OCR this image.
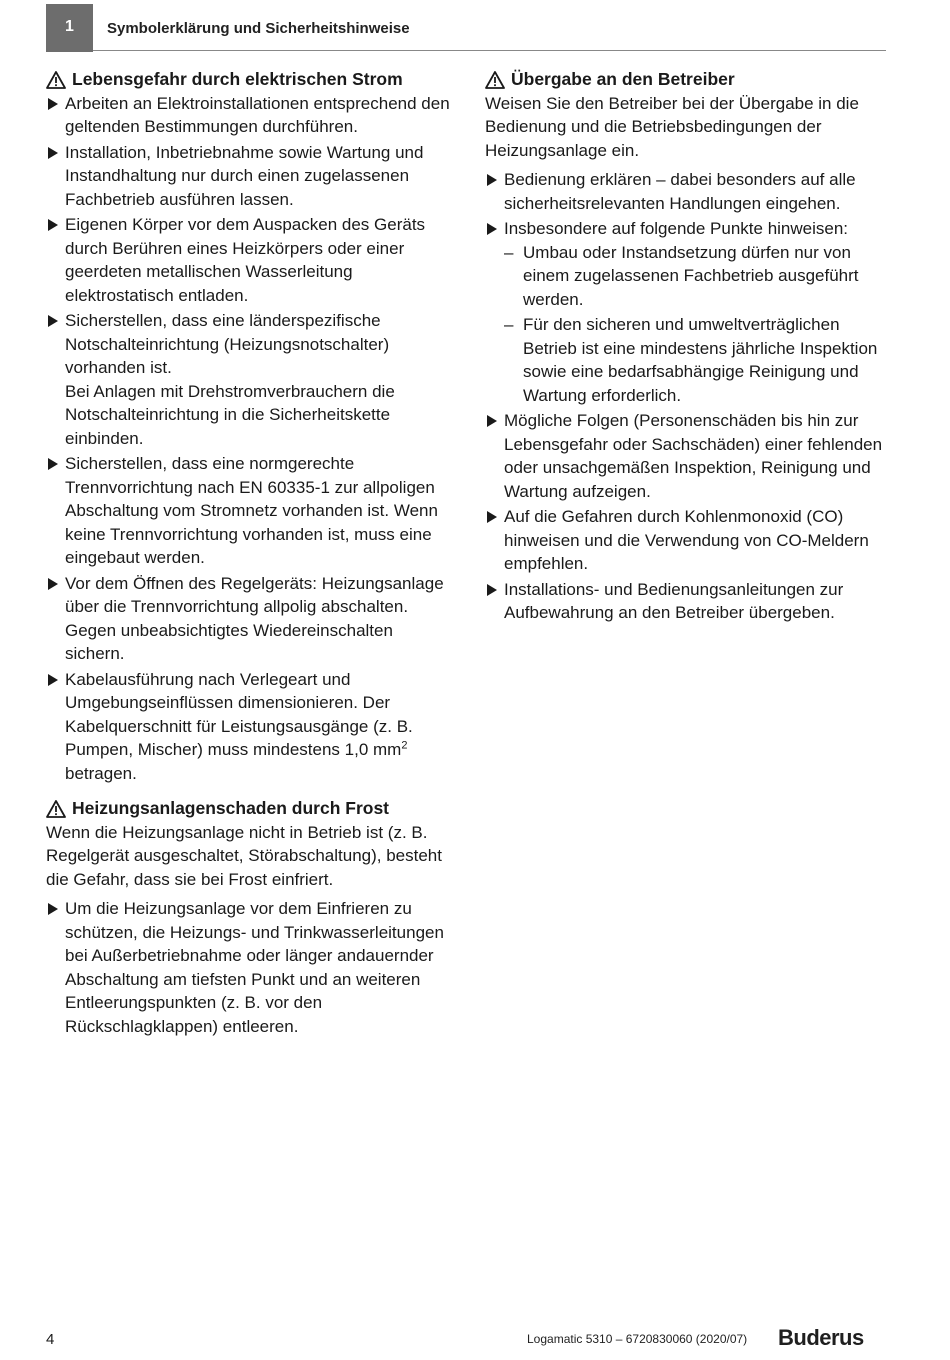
1 Symbolerklärung und Sicherheitshinweise
Lebensgefahr durch elektrischen Strom
Arbeiten an Elektroinstallationen entsprechend den geltenden Bestimmungen durchführen.
Installation, Inbetriebnahme sowie Wartung und Instandhaltung nur durch einen zugelassenen Fachbetrieb ausführen lassen.
Eigenen Körper vor dem Auspacken des Geräts durch Berühren eines Heizkörpers oder einer geerdeten metallischen Wasserleitung elektrostatisch entladen.
Sicherstellen, dass eine länderspezifische Notschalteinrichtung (Heizungsnotschalter) vorhanden ist.
Bei Anlagen mit Drehstromverbrauchern die Notschalteinrichtung in die Sicherheitskette einbinden.
Sicherstellen, dass eine normgerechte Trennvorrichtung nach EN 60335-1 zur allpoligen Abschaltung vom Stromnetz vorhanden ist. Wenn keine Trennvorrichtung vorhanden ist, muss eine eingebaut werden.
Vor dem Öffnen des Regelgeräts: Heizungsanlage über die Trennvorrichtung allpolig abschalten. Gegen unbeabsichtigtes Wiedereinschalten sichern.
Kabelausführung nach Verlegeart und Umgebungseinflüssen dimensionieren. Der Kabelquerschnitt für Leistungsausgänge (z. B. Pumpen, Mischer) muss mindestens 1,0 $mm^2$ betragen.
Heizungsanlagenschaden durch Frost

Wenn die Heizungsanlage nicht in Betrieb ist (z. B. Regelgerät ausgeschaltet, Störabschaltung), besteht die Gefahr, dass sie bei Frost einfriert.

Um die Heizungsanlage vor dem Einfrieren zu schützen, die Heizungs- und Trinkwasserleitungen bei Außerbetriebnahme oder länger andauernder Abschaltung am tiefsten Punkt und an weiteren Entleerungspunkten (z. B. vor den Rückschlagklappen) entleeren.
Übergabe an den Betreiber

Weisen Sie den Betreiber bei der Übergabe in die Bedienung und die Betriebsbedingungen der Heizungsanlage ein.

Bedienung erklären – dabei besonders auf alle sicherheitsrelevanten Handlungen eingehen.
Insbesondere auf folgende Punkte hinweisen:
– Umbau oder Instandsetzung dürfen nur von einem zugelassenen Fachbetrieb ausgeführt werden.
– Für den sicheren und umweltverträglichen Betrieb ist eine mindestens jährliche Inspektion sowie eine bedarfsabhängige Reinigung und Wartung erforderlich.
Mögliche Folgen (Personenschäden bis hin zur Lebensgefahr oder Sachschäden) einer fehlenden oder unsachgemäßen Inspektion, Reinigung und Wartung aufzeigen.
Auf die Gefahren durch Kohlenmonoxid (CO) hinweisen und die Verwendung von CO-Meldern empfehlen.
Installations- und Bedienungsanleitungen zur Aufbewahrung an den Betreiber übergeben.
4	Logamatic 5310 – 6720830060 (2020/07) Buderus
